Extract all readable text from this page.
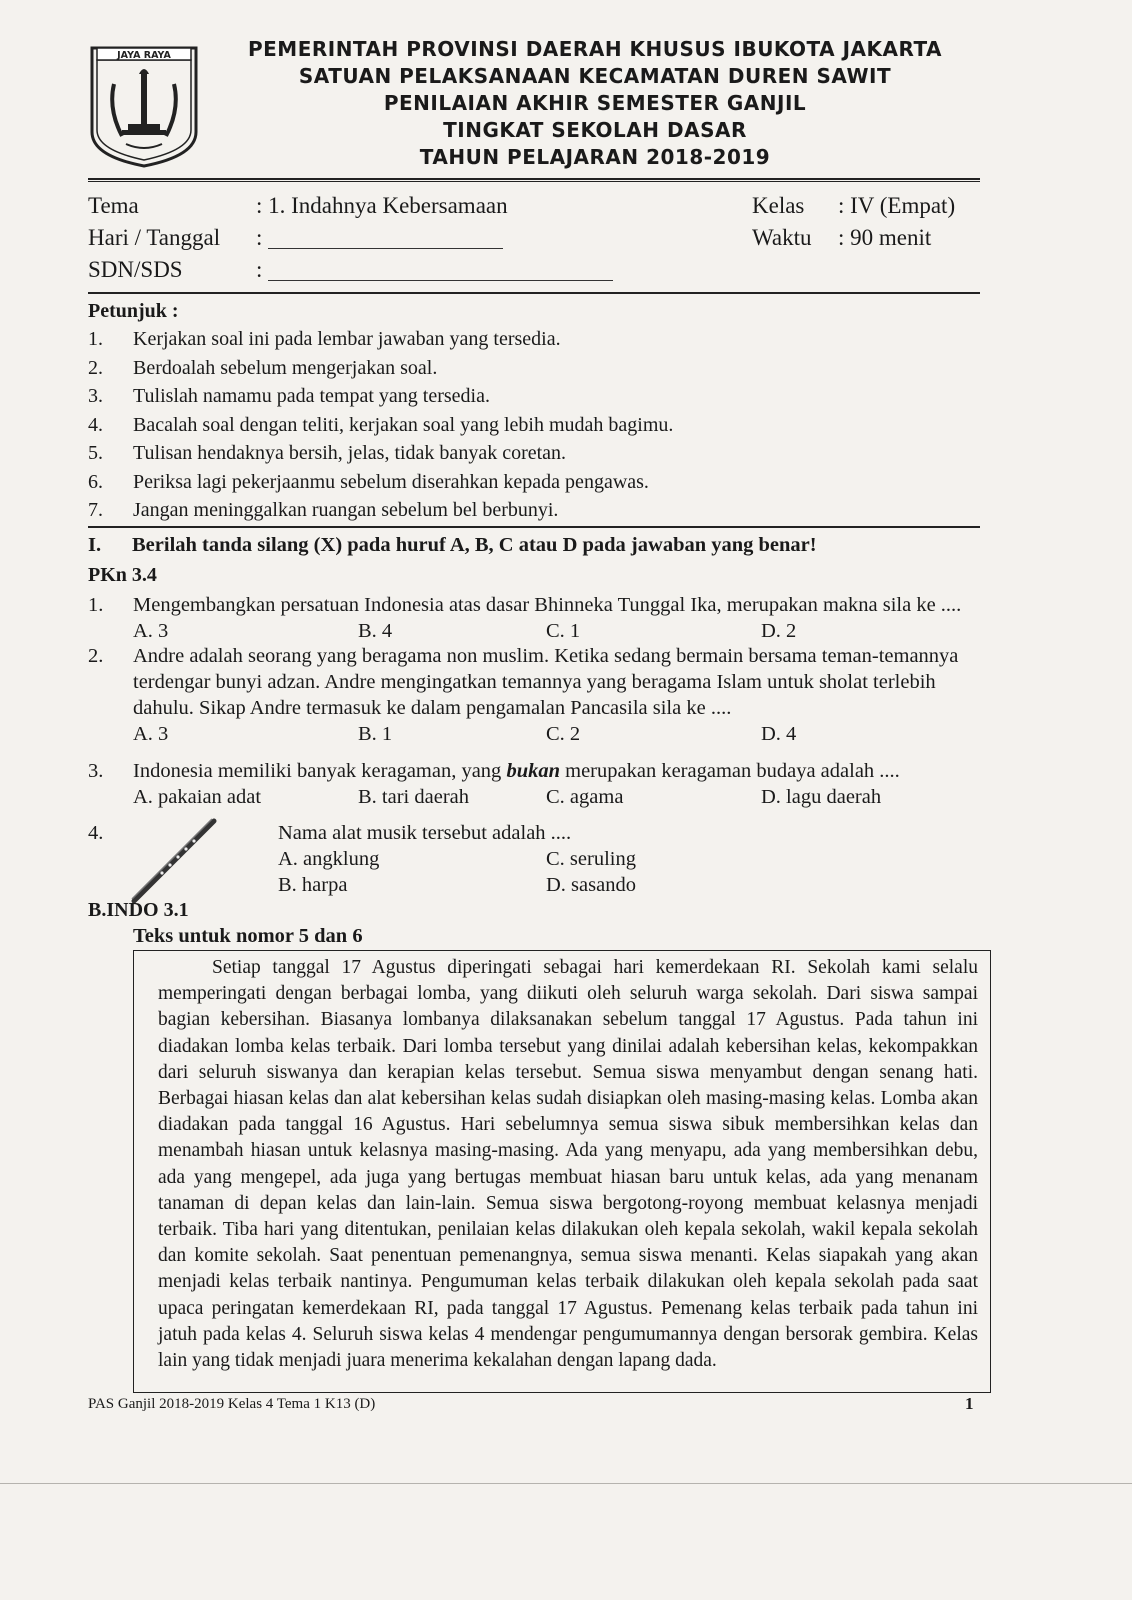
JAYA RAYA	PEMERINTAH PROVINSI DAERAH KHUSUS IBUKOTA JAKARTA
SATUAN PELAKSANAAN KECAMATAN DUREN SAWIT
PENILAIAN AKHIR SEMESTER GANJIL
TINGKAT SEKOLAH DASAR
TAHUN PELAJARAN 2018-2019
Tema	: 1. Indahnya Kebersamaan
Hari / Tanggal :
SDN/SDS	:
Kelas : IV (Empat)
Waktu : 90 menit
Petunjuk :
1. Kerjakan soal ini pada lembar jawaban yang tersedia.
2. Berdoalah sebelum mengerjakan soal.
3. Tulislah namamu pada tempat yang tersedia.
4. Bacalah soal dengan teliti, kerjakan soal yang lebih mudah bagimu.
5. Tulisan hendaknya bersih, jelas, tidak banyak coretan.
6. Periksa lagi pekerjaanmu sebelum diserahkan kepada pengawas.
7. Jangan meninggalkan ruangan sebelum bel berbunyi.
I. Berilah tanda silang (X) pada huruf A, B, C atau D pada jawaban yang benar!
PKn 3.4
1.	Mengembangkan persatuan Indonesia atas dasar Bhinneka Tunggal Ika, merupakan makna sila ke ....
A. 3	B. 4	C. 1	D. 2
2.	Andre adalah seorang yang beragama non muslim. Ketika sedang bermain bersama teman-temannya
terdengar bunyi adzan. Andre mengingatkan temannya yang beragama Islam untuk sholat terlebih
dahulu. Sikap Andre termasuk ke dalam pengamalan Pancasila sila ke ....
A. 3	B. 1	C. 2	D. 4
3.	Indonesia memiliki banyak keragaman, yang bukan merupakan keragaman budaya adalah ....
A. pakaian adat	B. tari daerah	C. agama	D. lagu daerah
4.	Nama alat musik tersebut adalah ....
A. angklung	C. seruling
B. harpa	D. sasando
B.INDO 3.1
Teks untuk nomor 5 dan 6

Setiap tanggal 17 Agustus diperingati sebagai hari kemerdekaan RI. Sekolah kami selalu memperingati dengan berbagai lomba, yang diikuti oleh seluruh warga sekolah. Dari siswa sampai bagian kebersihan. Biasanya lombanya dilaksanakan sebelum tanggal 17 Agustus. Pada tahun ini diadakan lomba kelas terbaik. Dari lomba tersebut yang dinilai adalah kebersihan kelas, kekompakkan dari seluruh siswanya dan kerapian kelas tersebut. Semua siswa menyambut dengan senang hati. Berbagai hiasan kelas dan alat kebersihan kelas sudah disiapkan oleh masing-masing kelas. Lomba akan diadakan pada tanggal 16 Agustus. Hari sebelumnya semua siswa sibuk membersihkan kelas dan menambah hiasan untuk kelasnya masing-masing. Ada yang menyapu, ada yang membersihkan debu, ada yang mengepel, ada juga yang bertugas membuat hiasan baru untuk kelas, ada yang menanam tanaman di depan kelas dan lain-lain. Semua siswa bergotong-royong membuat kelasnya menjadi terbaik. Tiba hari yang ditentukan, penilaian kelas dilakukan oleh kepala sekolah, wakil kepala sekolah dan komite sekolah. Saat penentuan pemenangnya, semua siswa menanti. Kelas siapakah yang akan menjadi kelas terbaik nantinya. Pengumuman kelas terbaik dilakukan oleh kepala sekolah pada saat upaca peringatan kemerdekaan RI, pada tanggal 17 Agustus. Pemenang kelas terbaik pada tahun ini jatuh pada kelas 4. Seluruh siswa kelas 4 mendengar pengumumannya dengan bersorak gembira. Kelas lain yang tidak menjadi juara menerima kekalahan dengan lapang dada.

PAS Ganjil 2018-2019 Kelas 4 Tema 1 K13 (D)	1
